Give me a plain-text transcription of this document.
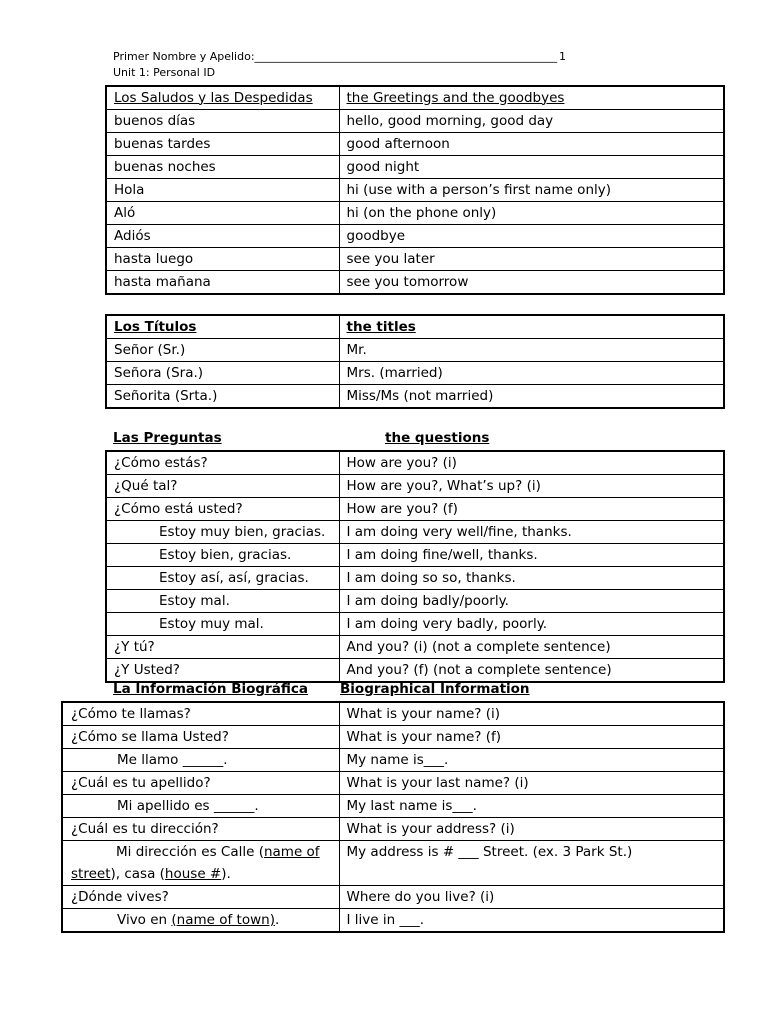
Primer Nombre y Apelido:_______________________________________________________ 1
Unit 1: Personal ID
Los Saludos y las Despedidas	the Greetings and the goodbyes
buenos días	hello, good morning, good day
buenas tardes	good afternoon
buenas noches	good night
Hola	hi (use with a person’s first name only)
Aló	hi (on the phone only)
Adiós	goodbye
hasta luego	see you later
hasta mañana	see you tomorrow
Los Títulos	the titles
Señor (Sr.)	Mr.
Señora (Sra.)	Mrs. (married)
Señorita (Srta.)	Miss/Ms (not married)
Las Preguntas	the questions
¿Cómo estás?	How are you? (i)
¿Qué tal?	How are you?, What’s up? (i)
¿Cómo está usted?	How are you? (f)
Estoy muy bien, gracias.	I am doing very well/fine, thanks.
Estoy bien, gracias.	I am doing fine/well, thanks.
Estoy así, así, gracias.	I am doing so so, thanks.
Estoy mal.	I am doing badly/poorly.
Estoy muy mal.	I am doing very badly, poorly.
¿Y tú?	And you? (i) (not a complete sentence)
¿Y Usted?	And you? (f) (not a complete sentence)
La Información Biográfica Biographical Information
¿Cómo te llamas?	What is your name? (i)
¿Cómo se llama Usted?	What is your name? (f)
Me llamo ______.	My name is___.
¿Cuál es tu apellido?	What is your last name? (i)
Mi apellido es ______.	My last name is___.
¿Cuál es tu dirección?	What is your address? (i)
Mi dirección es Calle (name of
street), casa (house #).	My address is # ___ Street. (ex. 3 Park St.)
¿Dónde vives?	Where do you live? (i)
Vivo en (name of town).	I live in ___.
